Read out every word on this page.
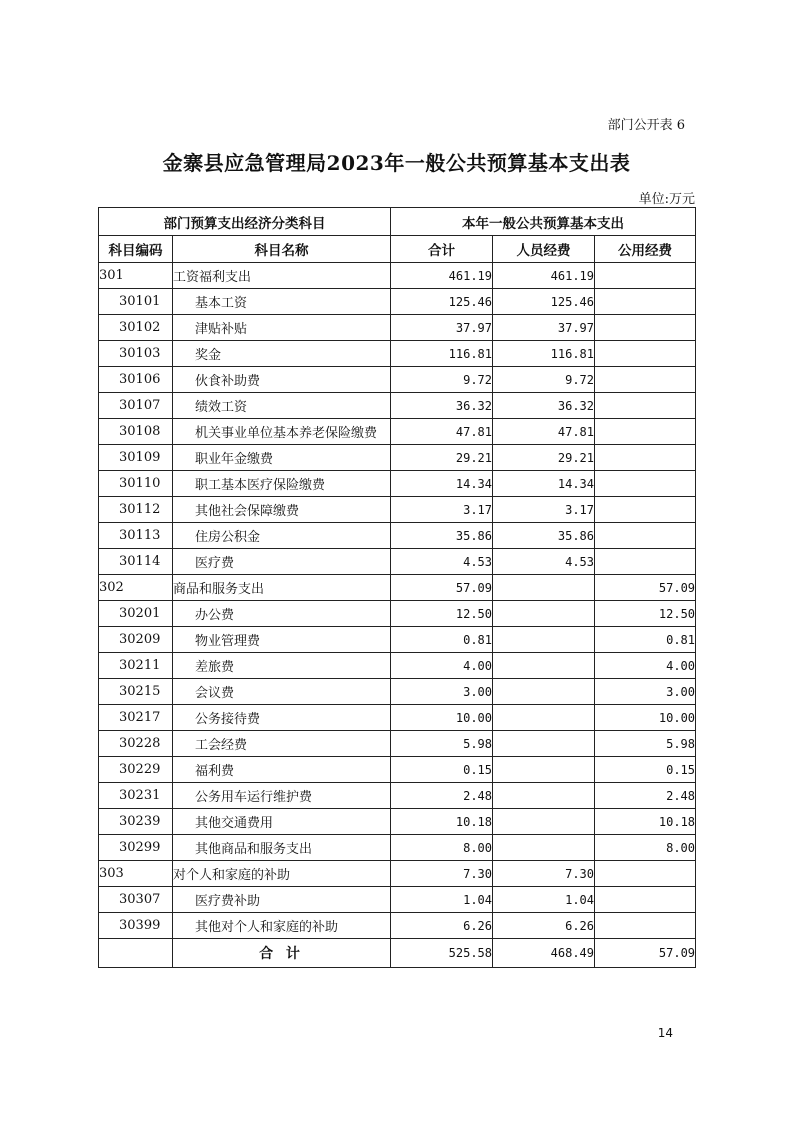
部门公开表 6
金寨县应急管理局2023年一般公共预算基本支出表
单位:万元
部门预算支出经济分类科目		本年一般公共预算基本支出		
科目编码	科目名称	合计	人员经费	公用经费
301	工资福利支出	461.19	461.19	
30101	基本工资	125.46	125.46	
30102	津贴补贴	37.97	37.97	
30103	奖金	116.81	116.81	
30106	伙食补助费	9.72	9.72	
30107	绩效工资	36.32	36.32	
30108	机关事业单位基本养老保险缴费	47.81	47.81	
30109	职业年金缴费	29.21	29.21	
30110	职工基本医疗保险缴费	14.34	14.34	
30112	其他社会保障缴费	3.17	3.17	
30113	住房公积金	35.86	35.86	
30114	医疗费	4.53	4.53	
302	商品和服务支出	57.09		57.09
30201	办公费	12.50		12.50
30209	物业管理费	0.81		0.81
30211	差旅费	4.00		4.00
30215	会议费	3.00		3.00
30217	公务接待费	10.00		10.00
30228	工会经费	5.98		5.98
30229	福利费	0.15		0.15
30231	公务用车运行维护费	2.48		2.48
30239	其他交通费用	10.18		10.18
30299	其他商品和服务支出	8.00		8.00
303	对个人和家庭的补助	7.30	7.30	
30307	医疗费补助	1.04	1.04	
30399	其他对个人和家庭的补助	6.26	6.26	
	合 计	525.58	468.49	57.09
14
